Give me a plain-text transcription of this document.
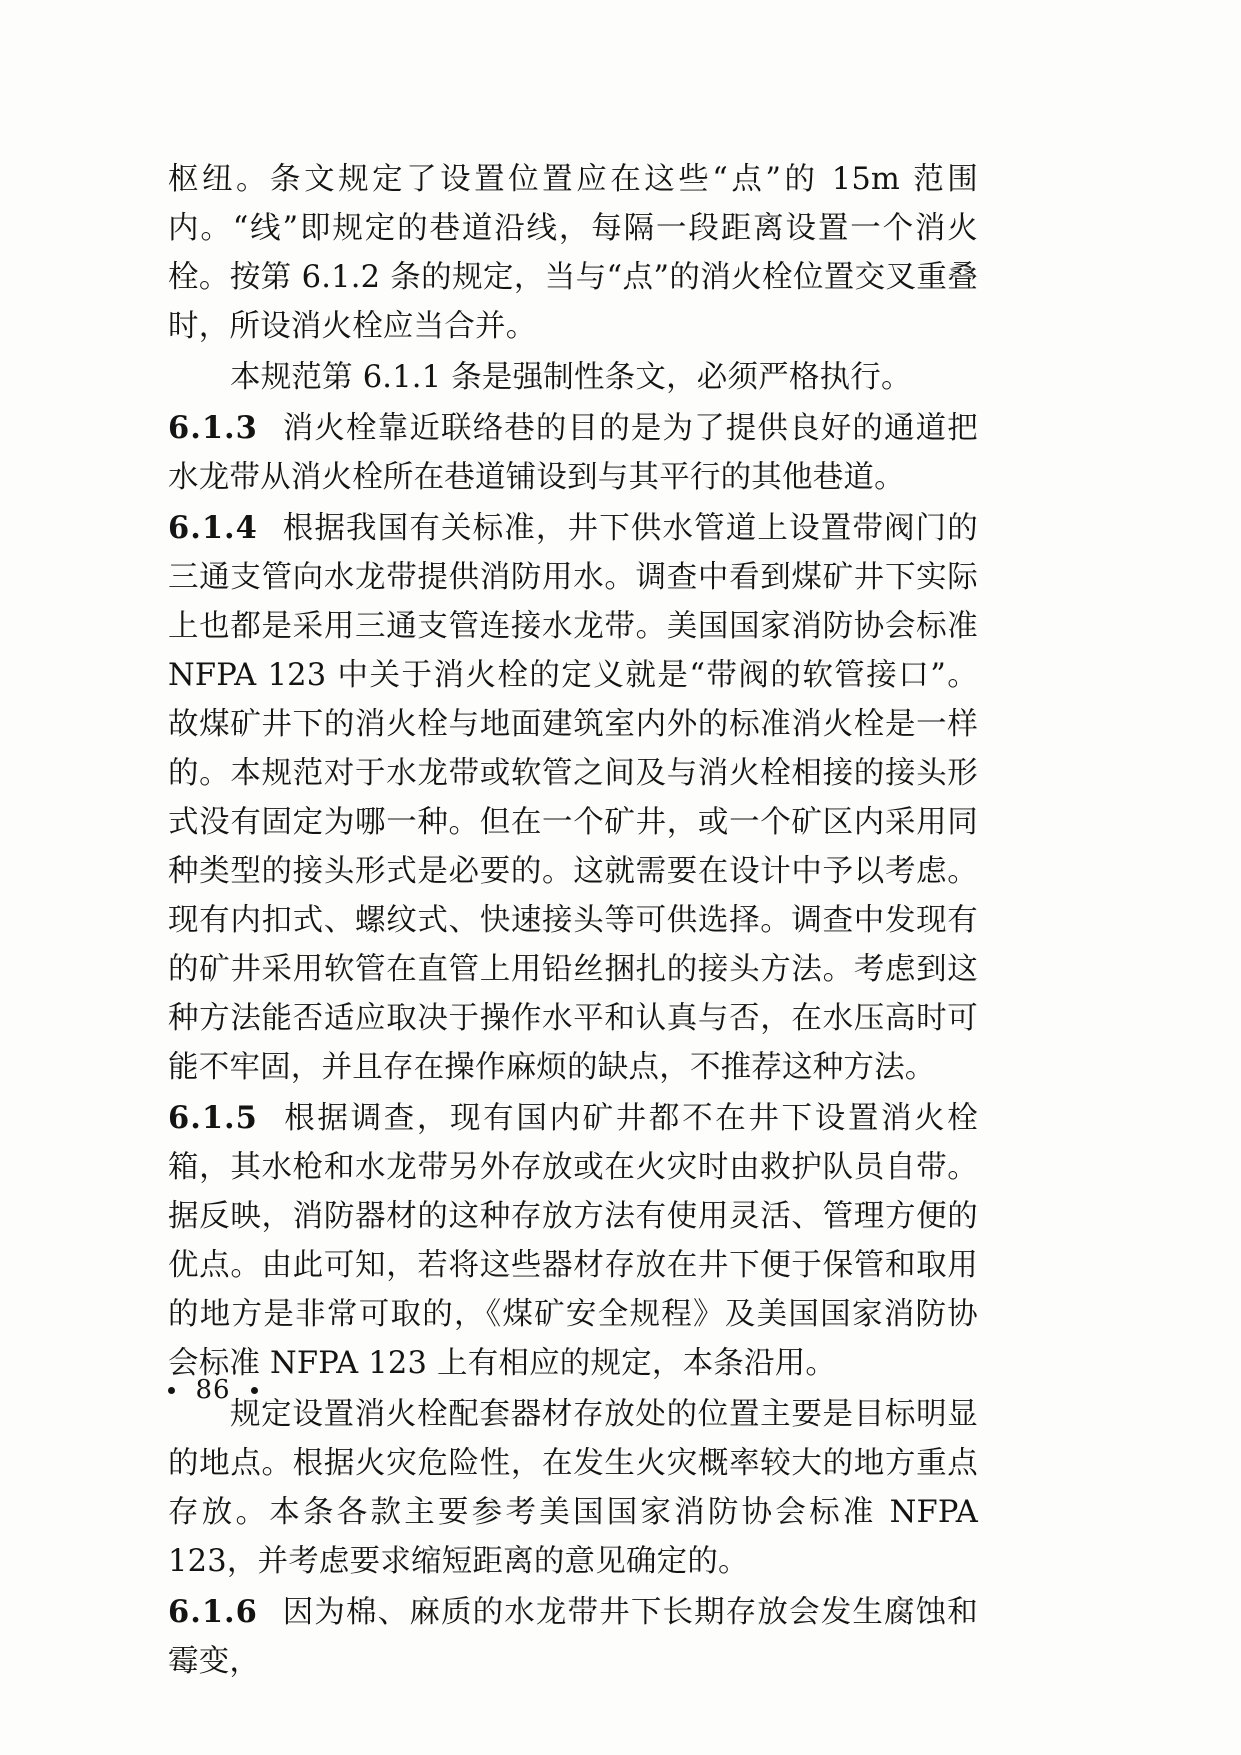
枢纽。条文规定了设置位置应在这些“点”的 15m 范围内。“线”即规定的巷道沿线，每隔一段距离设置一个消火栓。按第 6.1.2 条的规定，当与“点”的消火栓位置交叉重叠时，所设消火栓应当合并。

本规范第 6.1.1 条是强制性条文，必须严格执行。

6.1.3 消火栓靠近联络巷的目的是为了提供良好的通道把水龙带从消火栓所在巷道铺设到与其平行的其他巷道。

6.1.4 根据我国有关标准，井下供水管道上设置带阀门的三通支管向水龙带提供消防用水。调查中看到煤矿井下实际上也都是采用三通支管连接水龙带。美国国家消防协会标准 NFPA 123 中关于消火栓的定义就是“带阀的软管接口”。故煤矿井下的消火栓与地面建筑室内外的标准消火栓是一样的。本规范对于水龙带或软管之间及与消火栓相接的接头形式没有固定为哪一种。但在一个矿井，或一个矿区内采用同种类型的接头形式是必要的。这就需要在设计中予以考虑。现有内扣式、螺纹式、快速接头等可供选择。调查中发现有的矿井采用软管在直管上用铅丝捆扎的接头方法。考虑到这种方法能否适应取决于操作水平和认真与否，在水压高时可能不牢固，并且存在操作麻烦的缺点，不推荐这种方法。

6.1.5 根据调查，现有国内矿井都不在井下设置消火栓箱，其水枪和水龙带另外存放或在火灾时由救护队员自带。据反映，消防器材的这种存放方法有使用灵活、管理方便的优点。由此可知，若将这些器材存放在井下便于保管和取用的地方是非常可取的，《煤矿安全规程》及美国国家消防协会标准 NFPA 123 上有相应的规定，本条沿用。

规定设置消火栓配套器材存放处的位置主要是目标明显的地点。根据火灾危险性，在发生火灾概率较大的地方重点存放。本条各款主要参考美国国家消防协会标准 NFPA 123，并考虑要求缩短距离的意见确定的。

6.1.6 因为棉、麻质的水龙带井下长期存放会发生腐蚀和霉变，

86
